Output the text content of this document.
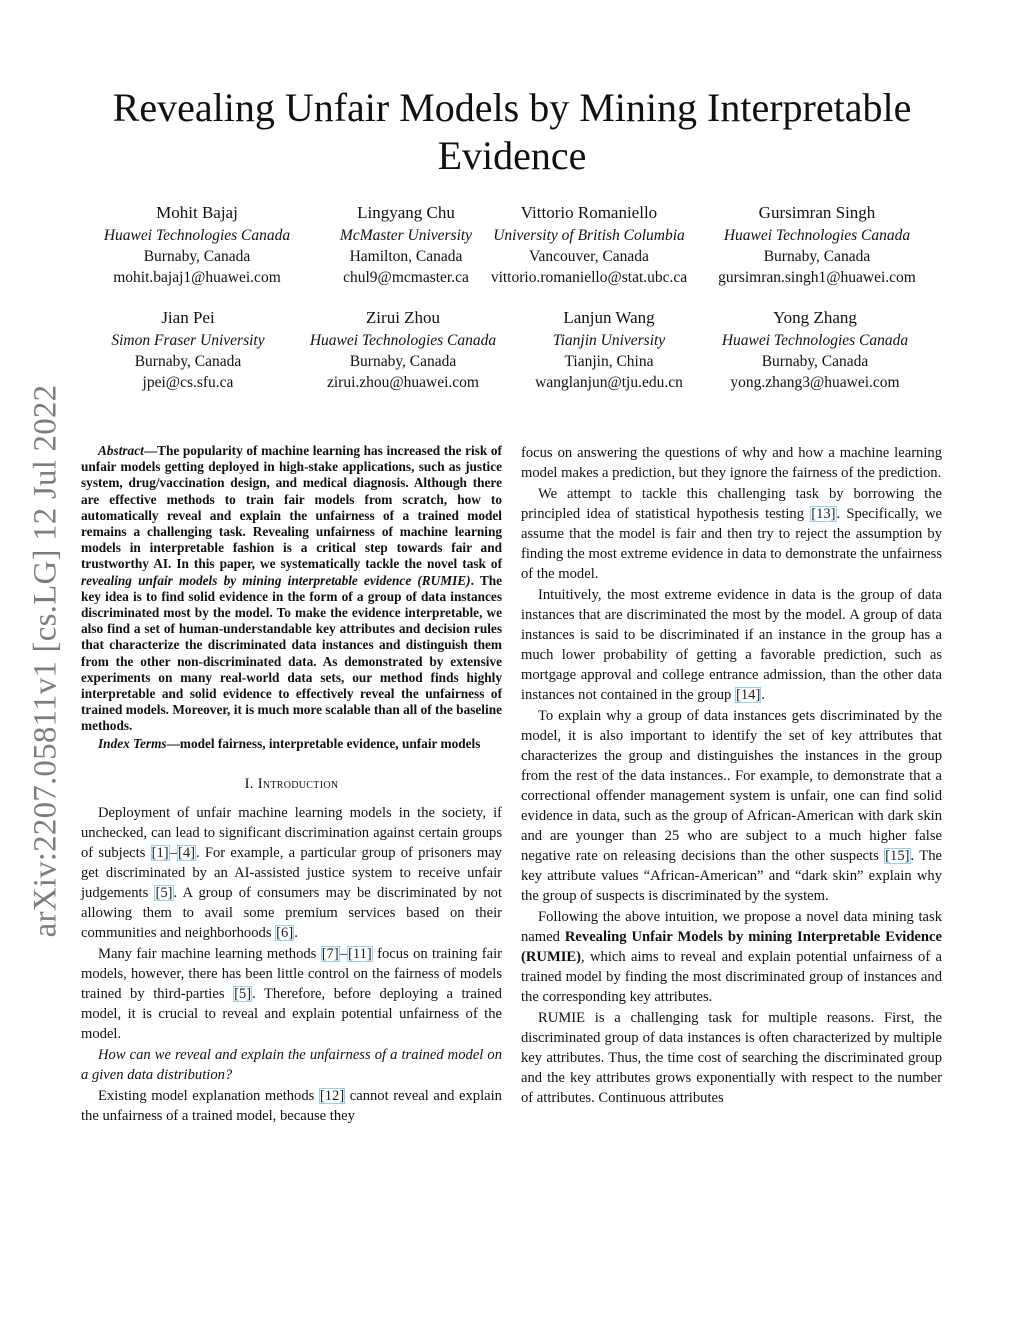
arXiv:2207.05811v1 [cs.LG] 12 Jul 2022
Revealing Unfair Models by Mining Interpretable Evidence
Mohit Bajaj
Huawei Technologies Canada
Burnaby, Canada
mohit.bajaj1@huawei.com
Lingyang Chu
McMaster University
Hamilton, Canada
chul9@mcmaster.ca
Vittorio Romaniello
University of British Columbia
Vancouver, Canada
vittorio.romaniello@stat.ubc.ca
Gursimran Singh
Huawei Technologies Canada
Burnaby, Canada
gursimran.singh1@huawei.com
Jian Pei
Simon Fraser University
Burnaby, Canada
jpei@cs.sfu.ca
Zirui Zhou
Huawei Technologies Canada
Burnaby, Canada
zirui.zhou@huawei.com
Lanjun Wang
Tianjin University
Tianjin, China
wanglanjun@tju.edu.cn
Yong Zhang
Huawei Technologies Canada
Burnaby, Canada
yong.zhang3@huawei.com

Abstract—The popularity of machine learning has increased the risk of unfair models getting deployed in high-stake applications, such as justice system, drug/vaccination design, and medical diagnosis. Although there are effective methods to train fair models from scratch, how to automatically reveal and explain the unfairness of a trained model remains a challenging task. Revealing unfairness of machine learning models in interpretable fashion is a critical step towards fair and trustworthy AI. In this paper, we systematically tackle the novel task of revealing unfair models by mining interpretable evidence (RUMIE). The key idea is to find solid evidence in the form of a group of data instances discriminated most by the model. To make the evidence interpretable, we also find a set of human-understandable key attributes and decision rules that characterize the discriminated data instances and distinguish them from the other non-discriminated data. As demonstrated by extensive experiments on many real-world data sets, our method finds highly interpretable and solid evidence to effectively reveal the unfairness of trained models. Moreover, it is much more scalable than all of the baseline methods.

Index Terms—model fairness, interpretable evidence, unfair models

I. Introduction

Deployment of unfair machine learning models in the society, if unchecked, can lead to significant discrimination against certain groups of subjects [1]–[4]. For example, a particular group of prisoners may get discriminated by an AI-assisted justice system to receive unfair judgements [5]. A group of consumers may be discriminated by not allowing them to avail some premium services based on their communities and neighborhoods [6].

Many fair machine learning methods [7]–[11] focus on training fair models, however, there has been little control on the fairness of models trained by third-parties [5]. Therefore, before deploying a trained model, it is crucial to reveal and explain potential unfairness of the model.

How can we reveal and explain the unfairness of a trained model on a given data distribution?

Existing model explanation methods [12] cannot reveal and explain the unfairness of a trained model, because they

focus on answering the questions of why and how a machine learning model makes a prediction, but they ignore the fairness of the prediction.

We attempt to tackle this challenging task by borrowing the principled idea of statistical hypothesis testing [13]. Specifically, we assume that the model is fair and then try to reject the assumption by finding the most extreme evidence in data to demonstrate the unfairness of the model.

Intuitively, the most extreme evidence in data is the group of data instances that are discriminated the most by the model. A group of data instances is said to be discriminated if an instance in the group has a much lower probability of getting a favorable prediction, such as mortgage approval and college entrance admission, than the other data instances not contained in the group [14].

To explain why a group of data instances gets discriminated by the model, it is also important to identify the set of key attributes that characterizes the group and distinguishes the instances in the group from the rest of the data instances.. For example, to demonstrate that a correctional offender management system is unfair, one can find solid evidence in data, such as the group of African-American with dark skin and are younger than 25 who are subject to a much higher false negative rate on releasing decisions than the other suspects [15]. The key attribute values “African-American” and “dark skin” explain why the group of suspects is discriminated by the system.

Following the above intuition, we propose a novel data mining task named Revealing Unfair Models by mining Interpretable Evidence (RUMIE), which aims to reveal and explain potential unfairness of a trained model by finding the most discriminated group of instances and the corresponding key attributes.

RUMIE is a challenging task for multiple reasons. First, the discriminated group of data instances is often characterized by multiple key attributes. Thus, the time cost of searching the discriminated group and the key attributes grows exponentially with respect to the number of attributes. Continuous attributes
